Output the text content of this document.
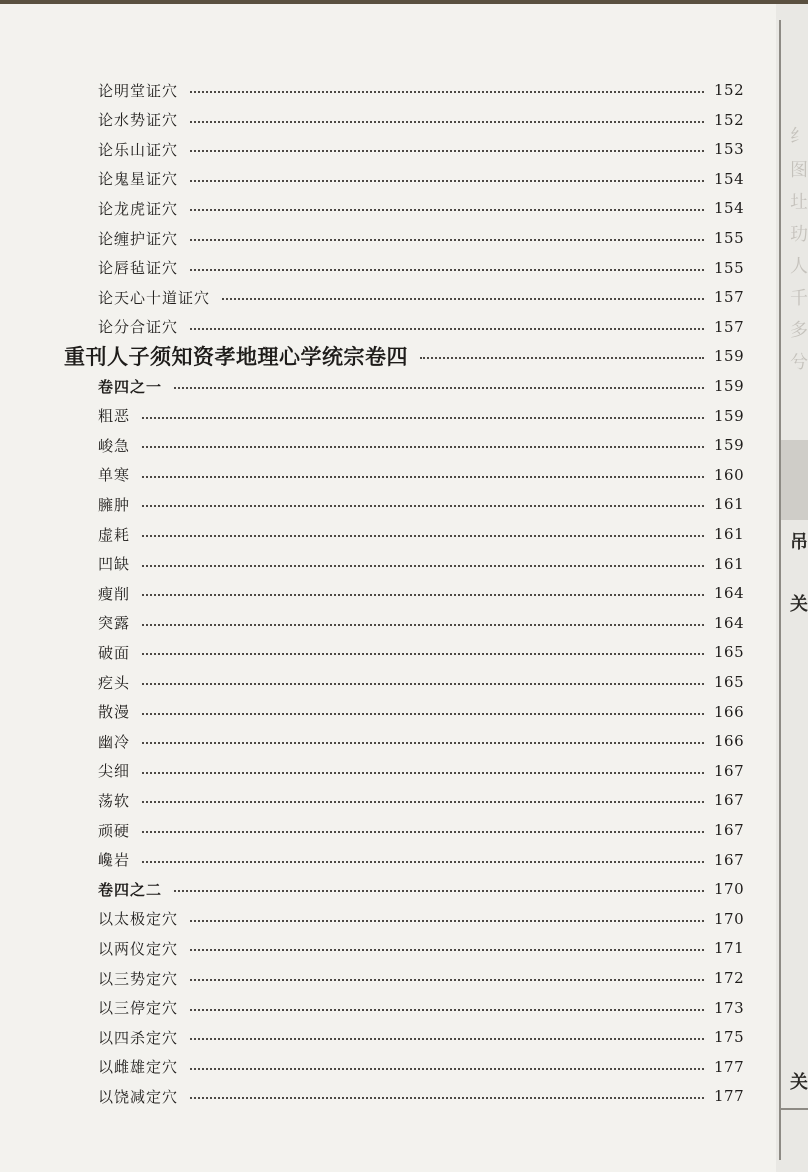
纟
图
圵
玏
人
千
多
兮
吊
关
关
论明堂证穴	152
论水势证穴	152
论乐山证穴	153
论鬼星证穴	154
论龙虎证穴	154
论缠护证穴	155
论唇毡证穴	155
论天心十道证穴	157
论分合证穴	157
重刊人子须知资孝地理心学统宗卷四	159
卷四之一	159
粗恶	159
峻急	159
单寒	160
臃肿	161
虚耗	161
凹缺	161
瘦削	164
突露	164
破面	165
疙头	165
散漫	166
幽冷	166
尖细	167
荡软	167
顽硬	167
巉岩	167
卷四之二	170
以太极定穴	170
以两仪定穴	171
以三势定穴	172
以三停定穴	173
以四杀定穴	175
以雌雄定穴	177
以饶减定穴	177
